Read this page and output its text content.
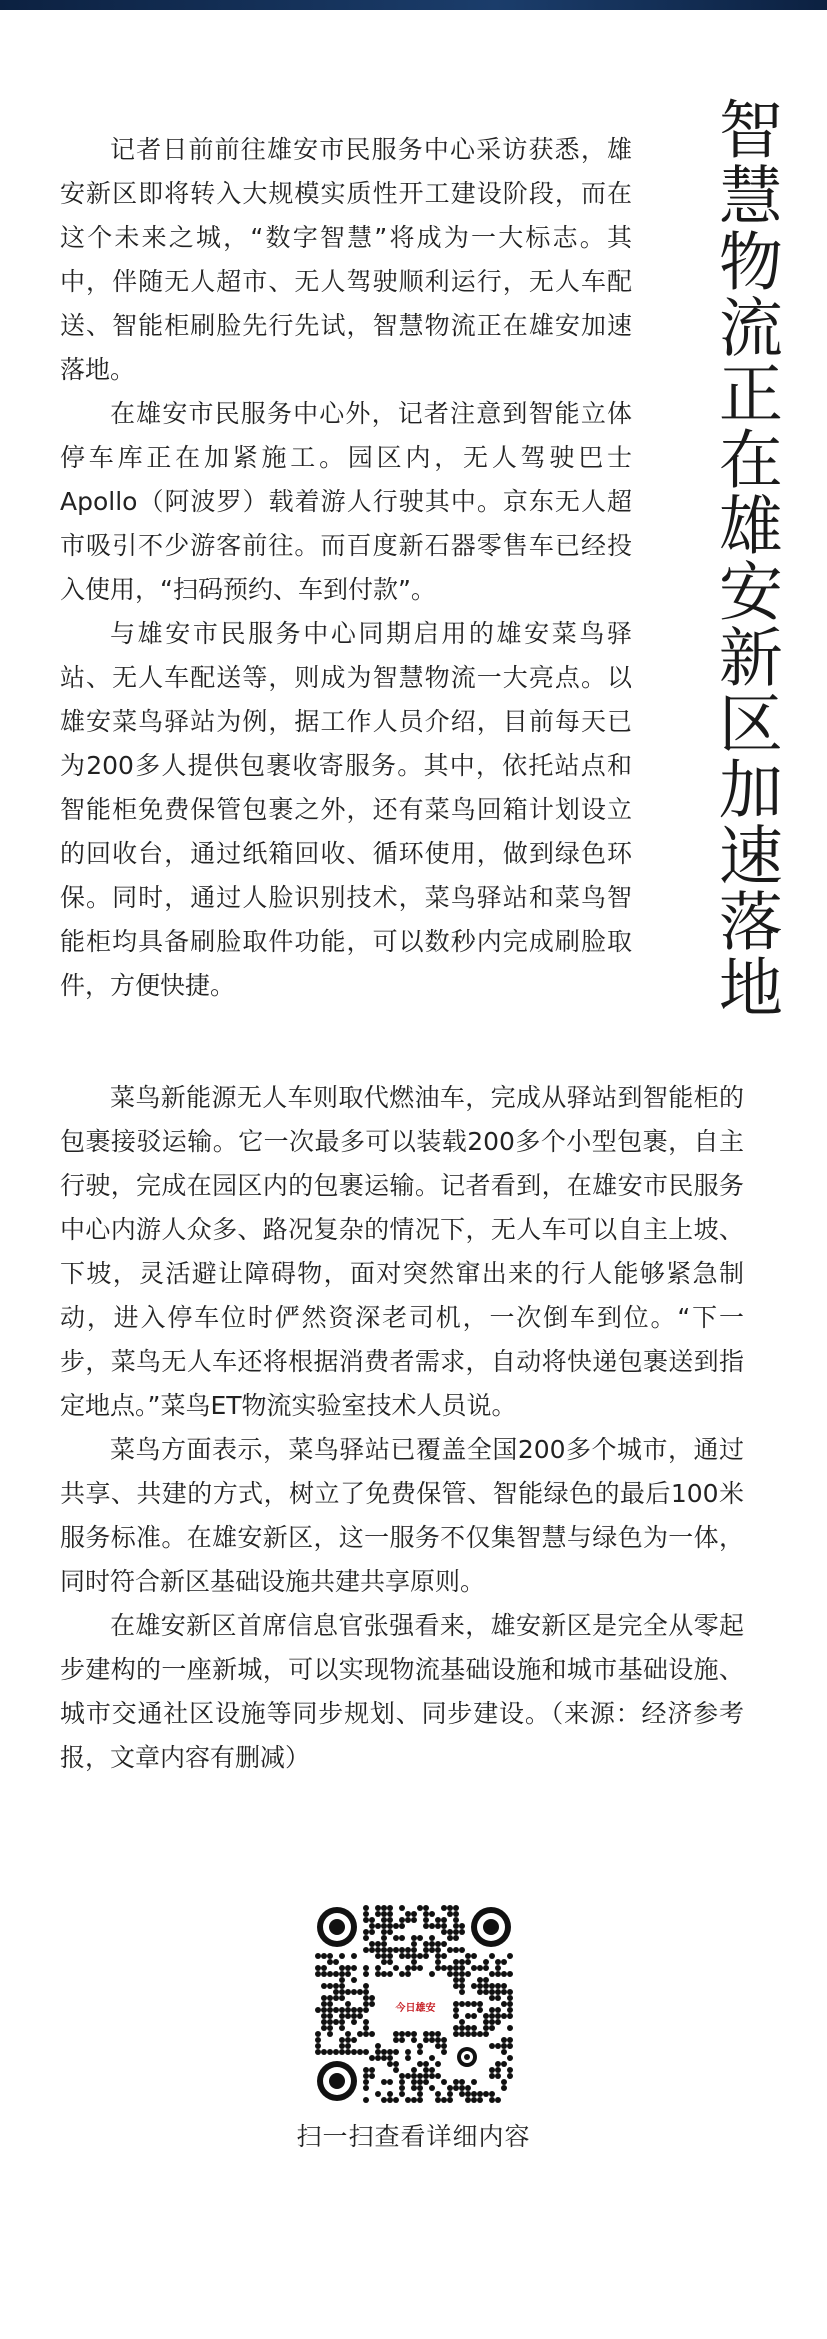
智慧物流正在雄安新区加速落地

记者日前前往雄安市民服务中心采访获悉，雄安新区即将转入大规模实质性开工建设阶段，而在这个未来之城，“数字智慧”将成为一大标志。其中，伴随无人超市、无人驾驶顺利运行，无人车配送、智能柜刷脸先行先试，智慧物流正在雄安加速落地。

在雄安市民服务中心外，记者注意到智能立体停车库正在加紧施工。园区内，无人驾驶巴士Apollo（阿波罗）载着游人行驶其中。京东无人超市吸引不少游客前往。而百度新石器零售车已经投入使用，“扫码预约、车到付款”。

与雄安市民服务中心同期启用的雄安菜鸟驿站、无人车配送等，则成为智慧物流一大亮点。以雄安菜鸟驿站为例，据工作人员介绍，目前每天已为200多人提供包裹收寄服务。其中，依托站点和智能柜免费保管包裹之外，还有菜鸟回箱计划设立的回收台，通过纸箱回收、循环使用，做到绿色环保。同时，通过人脸识别技术，菜鸟驿站和菜鸟智能柜均具备刷脸取件功能，可以数秒内完成刷脸取件，方便快捷。

菜鸟新能源无人车则取代燃油车，完成从驿站到智能柜的包裹接驳运输。它一次最多可以装载200多个小型包裹，自主行驶，完成在园区内的包裹运输。记者看到，在雄安市民服务中心内游人众多、路况复杂的情况下，无人车可以自主上坡、下坡，灵活避让障碍物，面对突然窜出来的行人能够紧急制动，进入停车位时俨然资深老司机，一次倒车到位。“下一步，菜鸟无人车还将根据消费者需求，自动将快递包裹送到指定地点。”菜鸟ET物流实验室技术人员说。

菜鸟方面表示，菜鸟驿站已覆盖全国200多个城市，通过共享、共建的方式，树立了免费保管、智能绿色的最后100米服务标准。在雄安新区，这一服务不仅集智慧与绿色为一体，同时符合新区基础设施共建共享原则。

在雄安新区首席信息官张强看来，雄安新区是完全从零起步建构的一座新城，可以实现物流基础设施和城市基础设施、城市交通社区设施等同步规划、同步建设。（来源：经济参考报，文章内容有删减）

今日雄安
扫一扫查看详细内容
